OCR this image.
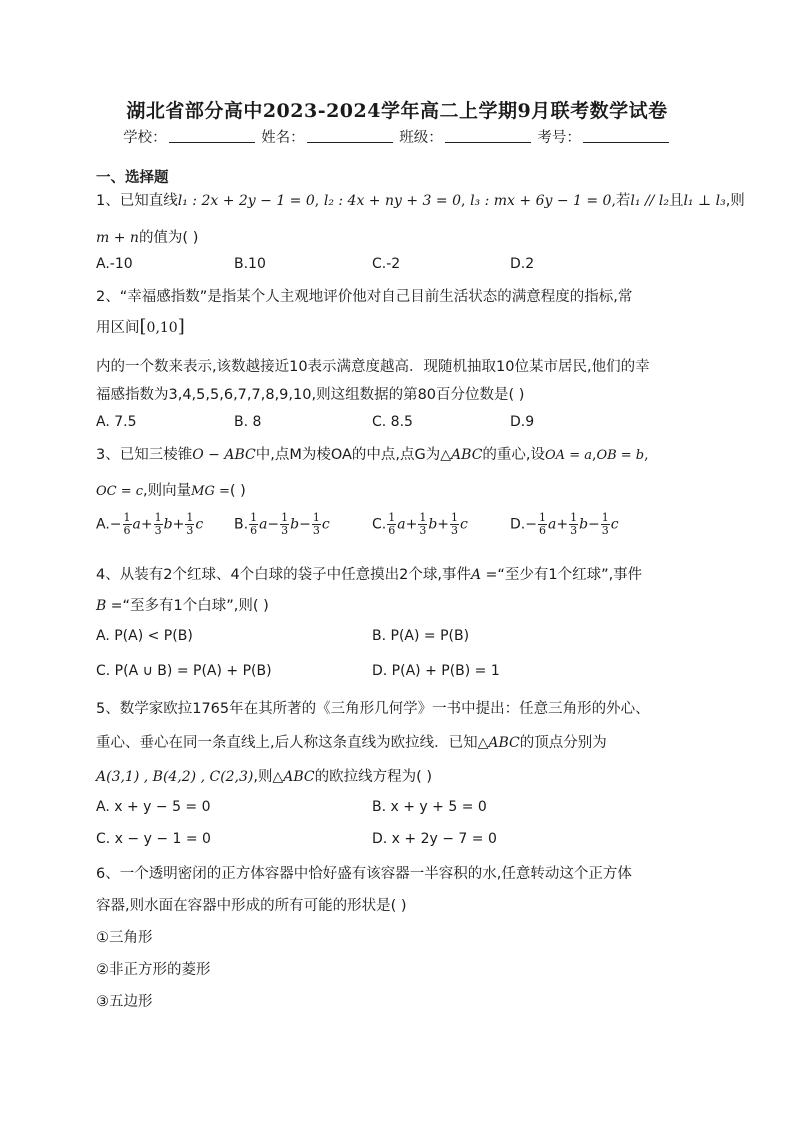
湖北省部分高中2023-2024学年高二上学期9月联考数学试卷
学校：	姓名：	班级：	考号：
一、选择题
1、已知直线l₁ : 2x + 2y − 1 = 0, l₂ : 4x + ny + 3 = 0, l₃ : mx + 6y − 1 = 0,若l₁ // l₂且l₁ ⊥ l₃,则
m + n的值为( )
A.-10	B.10	C.-2	D.2
2、“幸福感指数”是指某个人主观地评价他对自己目前生活状态的满意程度的指标,常
用区间[0,10]
内的一个数来表示,该数越接近10表示满意度越高．现随机抽取10位某市居民,他们的幸
福感指数为3,4,5,5,6,7,7,8,9,10,则这组数据的第80百分位数是( )
A. 7.5	B. 8	C. 8.5	D.9
3、已知三棱锥O − ABC中,点M为棱OA的中点,点G为△ABC的重心,设OA = a,OB = b,
OC = c,则向量MG =( )
$A.- \frac{1}{6} a+ \frac{1}{3} b+ \frac{1}{3}$ c B. $\frac{1}{6} a- \frac{1}{3} b- \frac{1}{3}$ c	C. $\frac{1}{6} a+ \frac{1}{3} b+ \frac{1}{3}$ c	$D.- \frac{1}{6} a+ \frac{1}{3} b- \frac{1}{3}$ c
4、从装有2个红球、4个白球的袋子中任意摸出2个球,事件A =“至少有1个红球”,事件
B =“至多有1个白球”,则( )
A. P(A) < P(B)	B. P(A) = P(B)
C. P(A ∪ B) = P(A) + P(B)	D. P(A) + P(B) = 1
5、数学家欧拉1765年在其所著的《三角形几何学》一书中提出：任意三角形的外心、
重心、垂心在同一条直线上,后人称这条直线为欧拉线．已知△ABC的顶点分别为
A(3,1) , B(4,2) , C(2,3),则△ABC的欧拉线方程为( )
A. x + y − 5 = 0	B. x + y + 5 = 0
C. x − y − 1 = 0	D. x + 2y − 7 = 0
6、一个透明密闭的正方体容器中恰好盛有该容器一半容积的水,任意转动这个正方体
容器,则水面在容器中形成的所有可能的形状是( )
①三角形
②非正方形的菱形
③五边形
